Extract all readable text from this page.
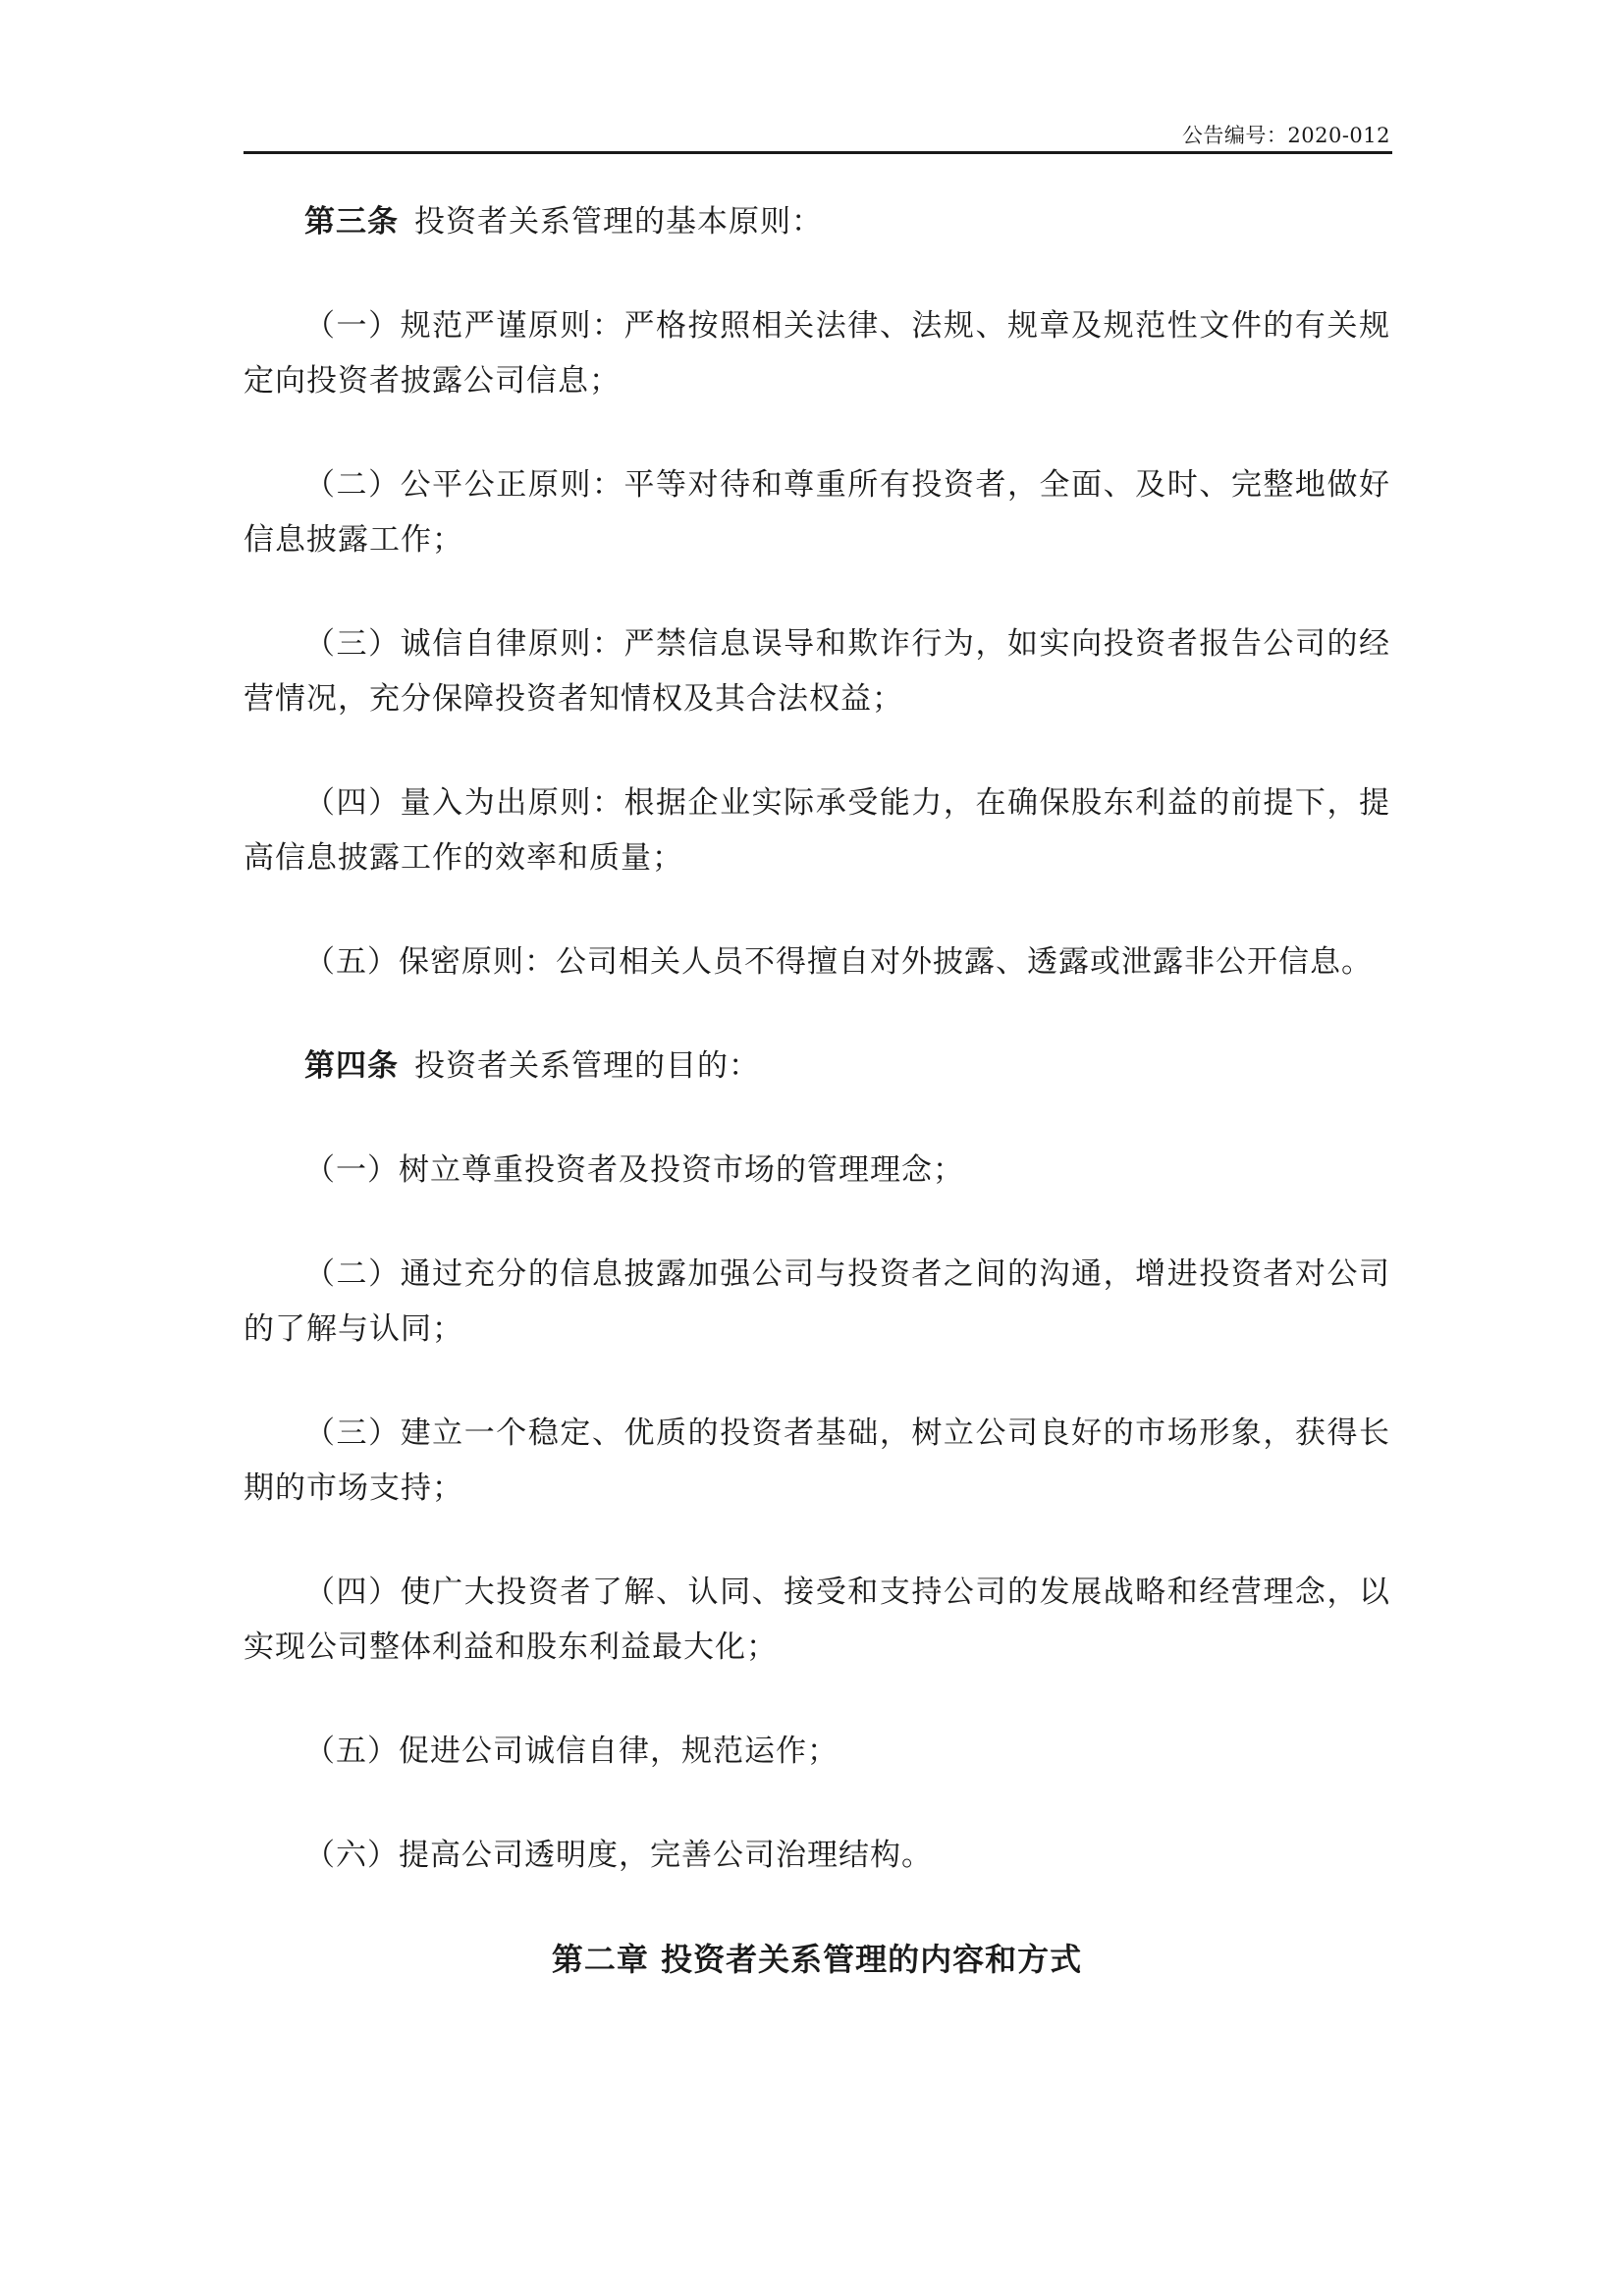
公告编号：2020-012

第三条 投资者关系管理的基本原则：

（一）规范严谨原则：严格按照相关法律、法规、规章及规范性文件的有关规定向投资者披露公司信息；

（二）公平公正原则：平等对待和尊重所有投资者，全面、及时、完整地做好信息披露工作；

（三）诚信自律原则：严禁信息误导和欺诈行为，如实向投资者报告公司的经营情况，充分保障投资者知情权及其合法权益；

（四）量入为出原则：根据企业实际承受能力，在确保股东利益的前提下，提高信息披露工作的效率和质量；

（五）保密原则：公司相关人员不得擅自对外披露、透露或泄露非公开信息。

第四条 投资者关系管理的目的：

（一）树立尊重投资者及投资市场的管理理念；

（二）通过充分的信息披露加强公司与投资者之间的沟通，增进投资者对公司的了解与认同；

（三）建立一个稳定、优质的投资者基础，树立公司良好的市场形象，获得长期的市场支持；

（四）使广大投资者了解、认同、接受和支持公司的发展战略和经营理念，以实现公司整体利益和股东利益最大化；

（五）促进公司诚信自律，规范运作；

（六）提高公司透明度，完善公司治理结构。

第二章 投资者关系管理的内容和方式
